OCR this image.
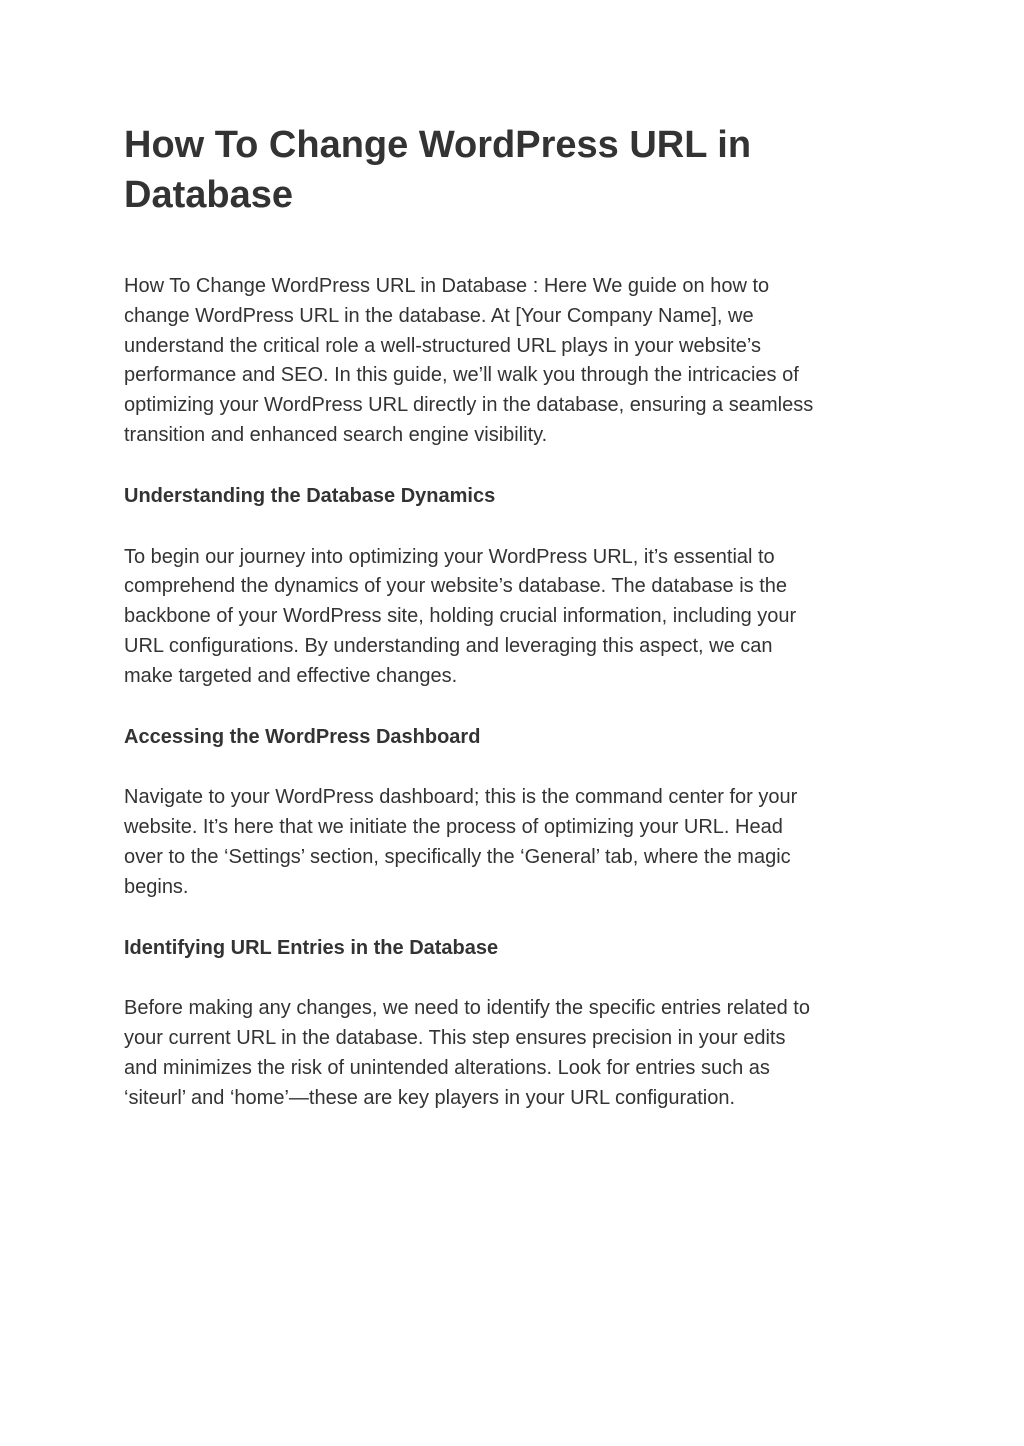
How To Change WordPress URL in
Database

How To Change WordPress URL in Database : Here We guide on how to
change WordPress URL in the database. At [Your Company Name], we
understand the critical role a well-structured URL plays in your website’s
performance and SEO. In this guide, we’ll walk you through the intricacies of
optimizing your WordPress URL directly in the database, ensuring a seamless
transition and enhanced search engine visibility.

Understanding the Database Dynamics

To begin our journey into optimizing your WordPress URL, it’s essential to
comprehend the dynamics of your website’s database. The database is the
backbone of your WordPress site, holding crucial information, including your
URL configurations. By understanding and leveraging this aspect, we can
make targeted and effective changes.

Accessing the WordPress Dashboard

Navigate to your WordPress dashboard; this is the command center for your
website. It’s here that we initiate the process of optimizing your URL. Head
over to the ‘Settings’ section, specifically the ‘General’ tab, where the magic
begins.

Identifying URL Entries in the Database

Before making any changes, we need to identify the specific entries related to
your current URL in the database. This step ensures precision in your edits
and minimizes the risk of unintended alterations. Look for entries such as
‘siteurl’ and ‘home’—these are key players in your URL configuration.
